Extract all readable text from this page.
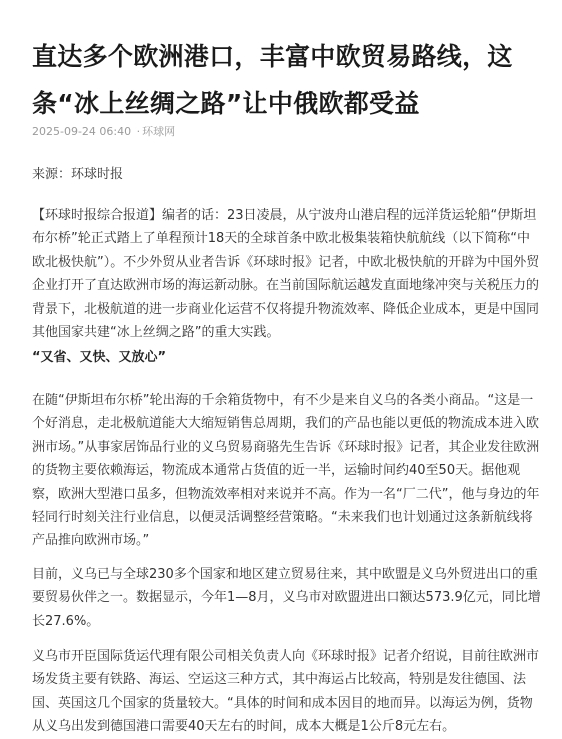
直达多个欧洲港口，丰富中欧贸易路线，这条“冰上丝绸之路”让中俄欧都受益
2025-09-24 06:40 · 环球网
来源：环球时报

【环球时报综合报道】编者的话：23日凌晨，从宁波舟山港启程的远洋货运轮船“伊斯坦布尔桥”轮正式踏上了单程预计18天的全球首条中欧北极集装箱快航航线（以下简称“中欧北极快航”）。不少外贸从业者告诉《环球时报》记者，中欧北极快航的开辟为中国外贸企业打开了直达欧洲市场的海运新动脉。在当前国际航运越发直面地缘冲突与关税压力的背景下，北极航道的进一步商业化运营不仅将提升物流效率、降低企业成本，更是中国同其他国家共建“冰上丝绸之路”的重大实践。

“又省、又快、又放心”

在随“伊斯坦布尔桥”轮出海的千余箱货物中，有不少是来自义乌的各类小商品。“这是一个好消息，走北极航道能大大缩短销售总周期，我们的产品也能以更低的物流成本进入欧洲市场。”从事家居饰品行业的义乌贸易商骆先生告诉《环球时报》记者，其企业发往欧洲的货物主要依赖海运，物流成本通常占货值的近一半，运输时间约40至50天。据他观察，欧洲大型港口虽多，但物流效率相对来说并不高。作为一名“厂二代”，他与身边的年轻同行时刻关注行业信息，以便灵活调整经营策略。“未来我们也计划通过这条新航线将产品推向欧洲市场。”

目前，义乌已与全球230多个国家和地区建立贸易往来，其中欧盟是义乌外贸进出口的重要贸易伙伴之一。数据显示，今年1—8月，义乌市对欧盟进出口额达573.9亿元，同比增长27.6%。

义乌市开臣国际货运代理有限公司相关负责人向《环球时报》记者介绍说，目前往欧洲市场发货主要有铁路、海运、空运这三种方式，其中海运占比较高，特别是发往德国、法国、英国这几个国家的货量较大。“具体的时间和成本因目的地而异。以海运为例，货物从义乌出发到德国港口需要40天左右的时间，成本大概是1公斤8元左右。
